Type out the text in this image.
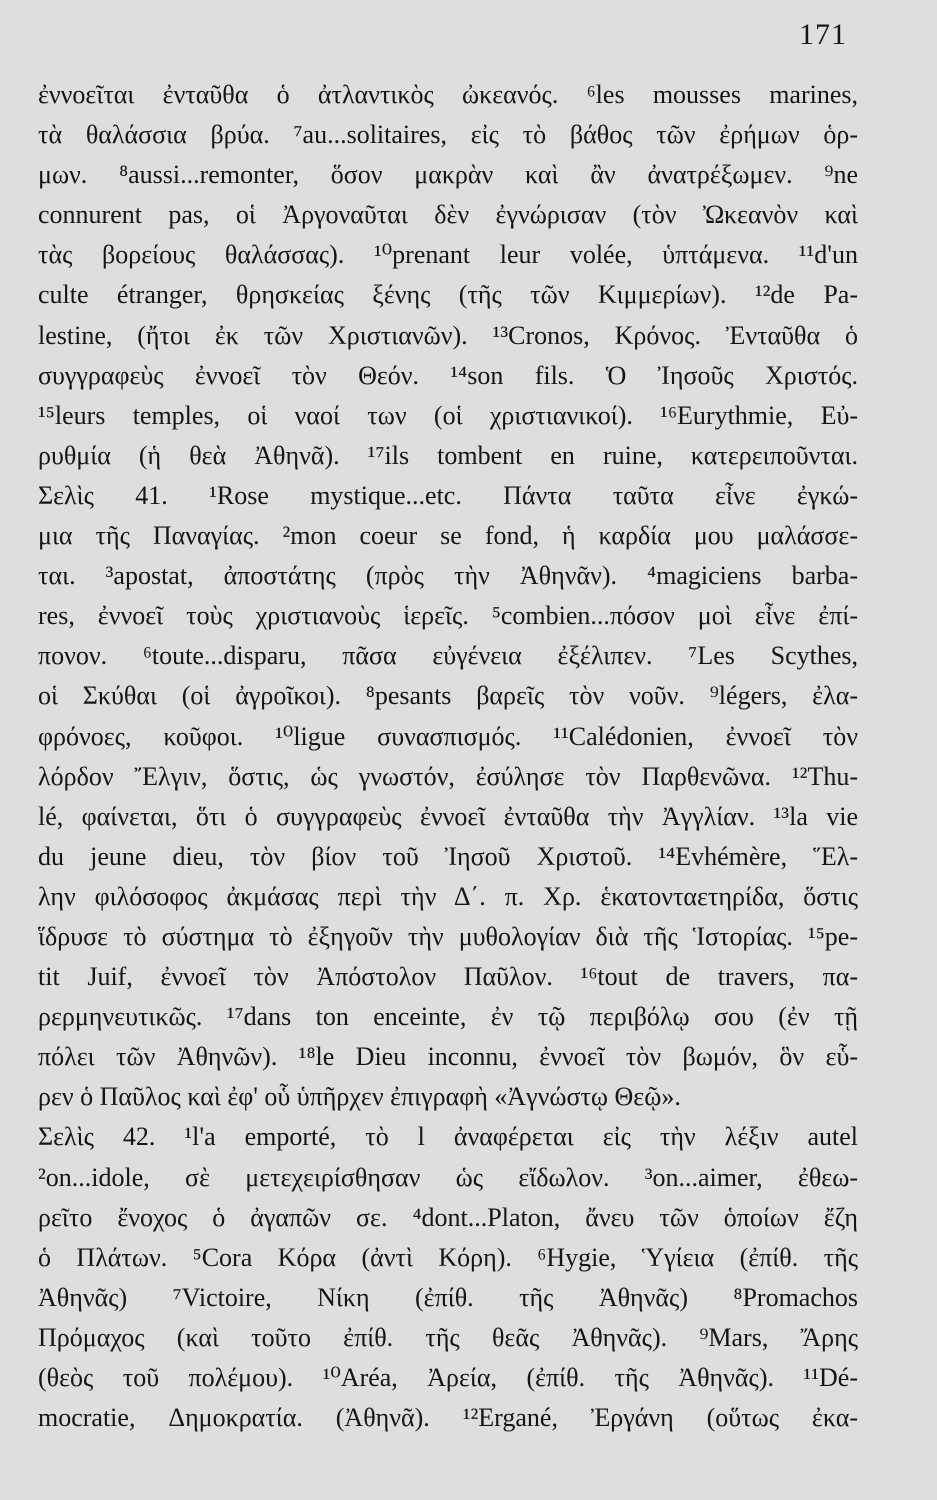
171
ἐννοεῖται ἐνταῦθα ὁ ἀτλαντικὸς ὠκεανός. ⁶les mousses marines,
τὰ θαλάσσια βρύα. ⁷au...solitaires, εἰς τὸ βάθος τῶν ἐρήμων ὁρ-
μων. ⁸aussi...remonter, ὅσον μακρὰν καὶ ἂν ἀνατρέξωμεν. ⁹ne
connurent pas, οἱ Ἀργοναῦται δὲν ἐγνώρισαν (τὸν Ὠκεανὸν καὶ
τὰς βορείους θαλάσσας). ¹⁰prenant leur volée, ὑπτάμενα. ¹¹d'un
culte étranger, θρησκείας ξένης (τῆς τῶν Κιμμερίων). ¹²de Pa-
lestine, (ἤτοι ἐκ τῶν Χριστιανῶν). ¹³Cronos, Κρόνος. Ἐνταῦθα ὁ
συγγραφεὺς ἐννοεῖ τὸν Θεόν. ¹⁴son fils. Ὁ Ἰησοῦς Χριστός.
¹⁵leurs temples, οἱ ναοί των (οἱ χριστιανικοί). ¹⁶Eurythmie, Εὐ-
ρυθμία (ἡ θεὰ Ἀθηνᾶ). ¹⁷ils tombent en ruine, κατερειποῦνται.
Σελὶς 41. ¹Rose mystique...etc. Πάντα ταῦτα εἶνε ἐγκώ-
μια τῆς Παναγίας. ²mon coeur se fond, ἡ καρδία μου μαλάσσε-
ται. ³apostat, ἀποστάτης (πρὸς τὴν Ἀθηνᾶν). ⁴magiciens barba-
res, ἐννοεῖ τοὺς χριστιανοὺς ἱερεῖς. ⁵combien...πόσον μοὶ εἶνε ἐπί-
πονον. ⁶toute...disparu, πᾶσα εὐγένεια ἐξέλιπεν. ⁷Les Scythes,
οἱ Σκύθαι (οἱ ἀγροῖκοι). ⁸pesants βαρεῖς τὸν νοῦν. ⁹légers, ἐλα-
φρόνοες, κοῦφοι. ¹⁰ligue συνασπισμός. ¹¹Calédonien, ἐννοεῖ τὸν
λόρδον Ἔλγιν, ὅστις, ὡς γνωστόν, ἐσύλησε τὸν Παρθενῶνα. ¹²Thu-
lé, φαίνεται, ὅτι ὁ συγγραφεὺς ἐννοεῖ ἐνταῦθα τὴν Ἀγγλίαν. ¹³la vie
du jeune dieu, τὸν βίον τοῦ Ἰησοῦ Χριστοῦ. ¹⁴Evhémère, Ἕλ-
λην φιλόσοφος ἀκμάσας περὶ τὴν Δ΄. π. Χρ. ἑκατονταετηρίδα, ὅστις
ἵδρυσε τὸ σύστημα τὸ ἐξηγοῦν τὴν μυθολογίαν διὰ τῆς Ἱστορίας. ¹⁵pe-
tit Juif, ἐννοεῖ τὸν Ἀπόστολον Παῦλον. ¹⁶tout de travers, πα-
ρερμηνευτικῶς. ¹⁷dans ton enceinte, ἐν τῷ περιβόλῳ σου (ἐν τῇ
πόλει τῶν Ἀθηνῶν). ¹⁸le Dieu inconnu, ἐννοεῖ τὸν βωμόν, ὃν εὗ-
ρεν ὁ Παῦλος καὶ ἐφ' οὗ ὑπῆρχεν ἐπιγραφὴ «Ἀγνώστῳ Θεῷ».
Σελὶς 42. ¹l'a emporté, τὸ l ἀναφέρεται εἰς τὴν λέξιν autel
²on...idole, σὲ μετεχειρίσθησαν ὡς εἴδωλον. ³on...aimer, ἐθεω-
ρεῖτο ἔνοχος ὁ ἀγαπῶν σε. ⁴dont...Platon, ἄνευ τῶν ὁποίων ἔζη
ὁ Πλάτων. ⁵Cora Κόρα (ἀντὶ Κόρη). ⁶Hygie, Ὑγίεια (ἐπίθ. τῆς
Ἀθηνᾶς) ⁷Victoire, Νίκη (ἐπίθ. τῆς Ἀθηνᾶς) ⁸Promachos
Πρόμαχος (καὶ τοῦτο ἐπίθ. τῆς θεᾶς Ἀθηνᾶς). ⁹Mars, Ἄρης
(θεὸς τοῦ πολέμου). ¹⁰Aréa, Ἀρεία, (ἐπίθ. τῆς Ἀθηνᾶς). ¹¹Dé-
mocratie, Δημοκρατία. (Ἀθηνᾶ). ¹²Ergané, Ἐργάνη (οὕτως ἐκα-
